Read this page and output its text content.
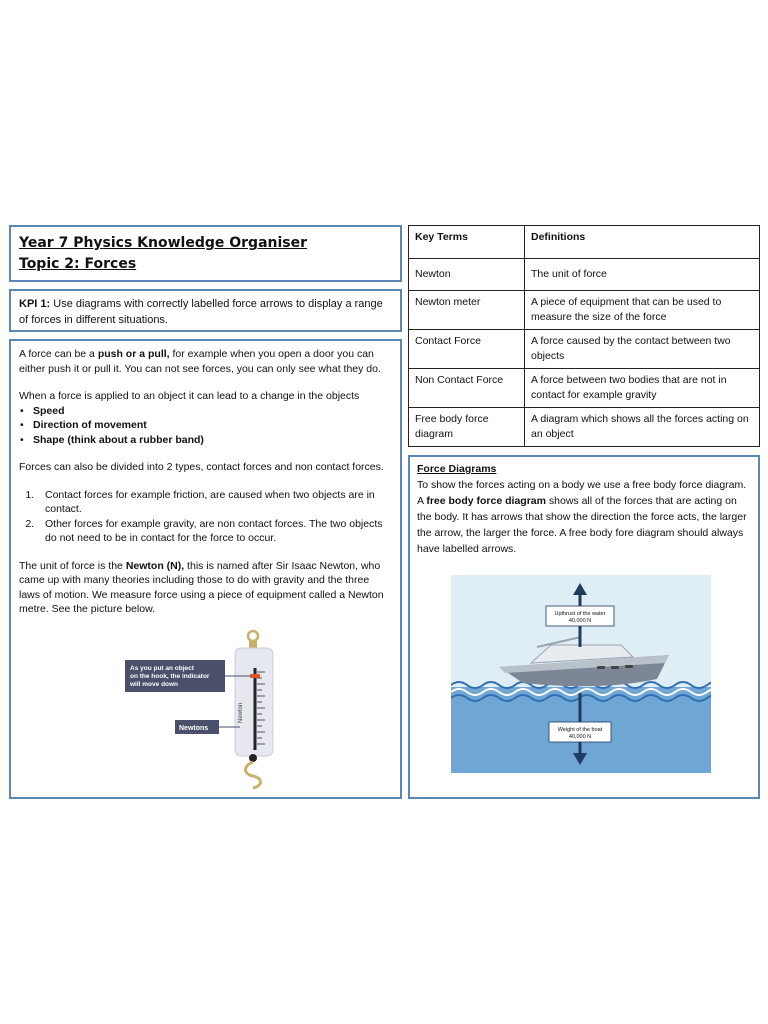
Year 7 Physics Knowledge Organiser
Topic 2: Forces
KPI 1: Use diagrams with correctly labelled force arrows to display a range of forces in different situations.

A force can be a push or a pull, for example when you open a door you can either push it or pull it. You can not see forces, you can only see what they do.

When a force is applied to an object it can lead to a change in the objects

• Speed
• Direction of movement
• Shape (think about a rubber band)

Forces can also be divided into 2 types, contact forces and non contact forces.

1. Contact forces for example friction, are caused when two objects are in contact.
2. Other forces for example gravity, are non contact forces. The two objects do not need to be in contact for the force to occur.

The unit of force is the Newton (N), this is named after Sir Isaac Newton, who came up with many theories including those to do with gravity and the three laws of motion. We measure force using a piece of equipment called a Newton metre. See the picture below.

Newton
As you put an object on the hook, the indicator will move down
Newtons
Key Terms	Definitions
Newton	The unit of force
Newton meter	A piece of equipment that can be used to measure the size of the force
Contact Force	A force caused by the contact between two objects
Non Contact Force	A force between two bodies that are not in contact for example gravity
Free body force diagram	A diagram which shows all the forces acting on an object
Force Diagrams
To show the forces acting on a body we use a free body force diagram. A free body force diagram shows all of the forces that are acting on the body. It has arrows that show the direction the force acts, the larger the arrow, the larger the force. A free body fore diagram should always have labelled arrows.
Upthrust of the water
40,000 N
Weight of the boat
40,000 N
